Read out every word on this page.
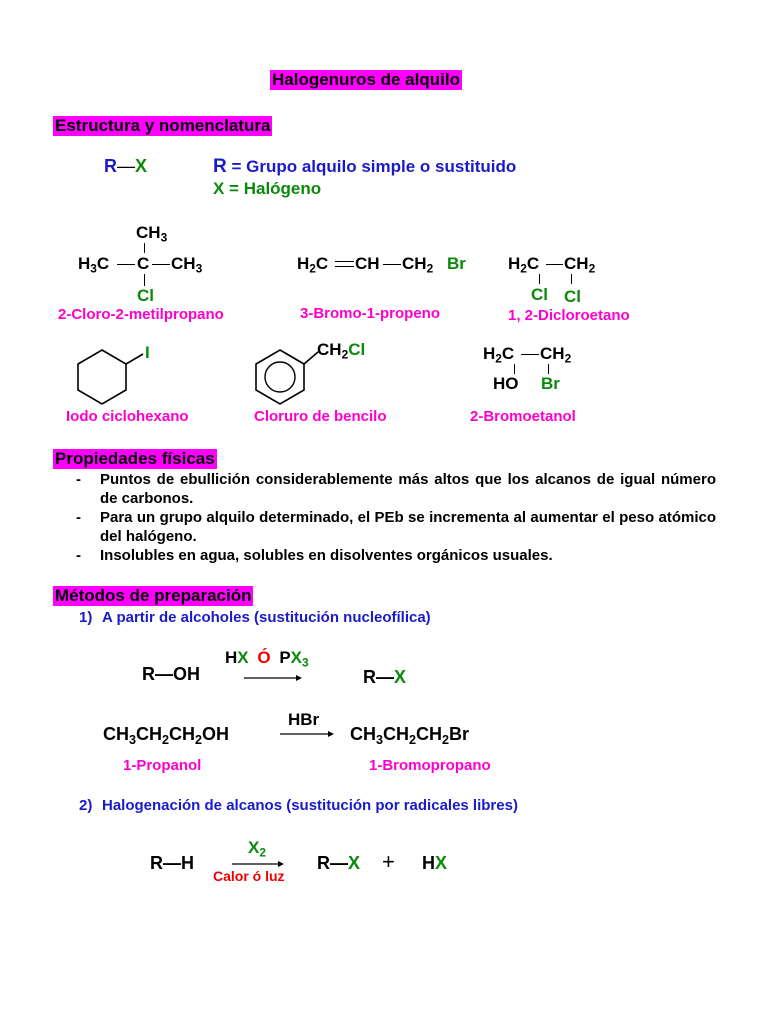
Halogenuros de alquilo
Estructura y nomenclatura
R—X	R = Grupo alquilo simple o sustituido
X = Halógeno
$CH_3$
$H_3C$ C $CH_3$
Cl
2-Cloro-2-metilpropano
$H_2C$ CH $CH_2$ Br
3-Bromo-1-propeno
$H_2C$ $CH_2$
Cl Cl
1, 2-Dicloroetano
I
Iodo ciclohexano
$CH_2Cl$
Cloruro de bencilo
$H_2C$ $CH_2$
HO Br
2-Bromoetanol
Propiedades físicas
- Puntos de ebullición considerablemente más altos que los alcanos de igual número de carbonos.
- Para un grupo alquilo determinado, el PEb se incrementa al aumentar el peso atómico del halógeno.
- Insolubles en agua, solubles en disolventes orgánicos usuales.
Métodos de preparación
1) A partir de alcoholes (sustitución nucleofílica)
R—OH
HX Ó $PX_3$
R—X
HBr
$CH_3CH_2CH_2OH$	$CH_3CH_2CH_2Br$
1-Propanol	1-Bromopropano
2) Halogenación de alcanos (sustitución por radicales libres)
R—H
$X_2$
Calor ó luz
R—X + HX
